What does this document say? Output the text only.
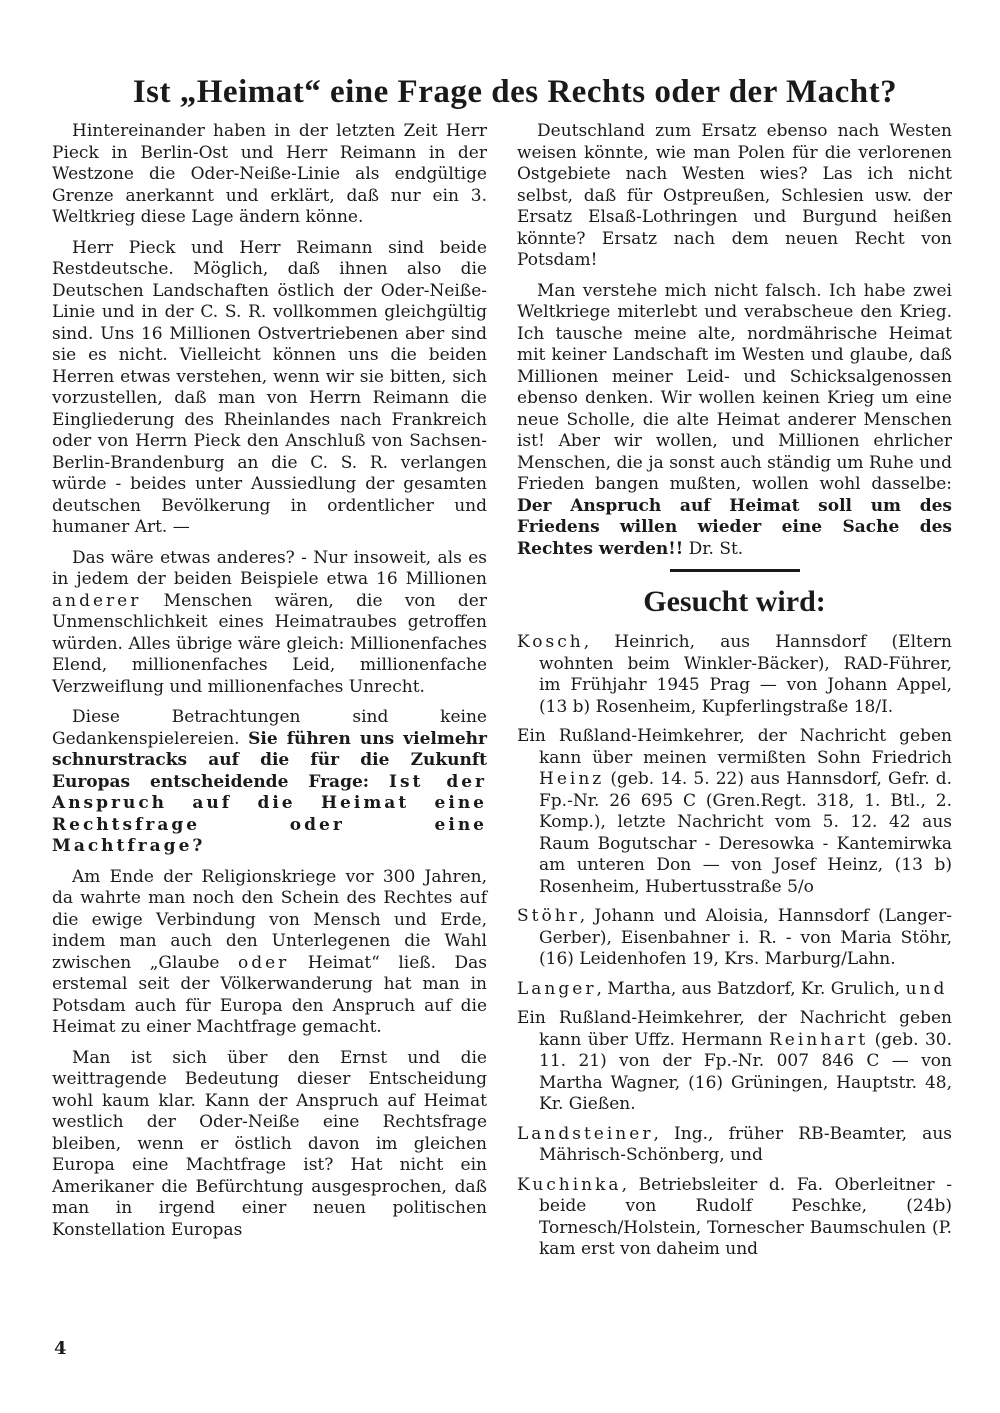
Ist „Heimat“ eine Frage des Rechts oder der Macht?

Hintereinander haben in der letzten Zeit Herr Pieck in Berlin-Ost und Herr Reimann in der Westzone die Oder-Neiße-Linie als endgültige Grenze anerkannt und erklärt, daß nur ein 3. Weltkrieg diese Lage ändern könne.

Herr Pieck und Herr Reimann sind beide Restdeutsche. Möglich, daß ihnen also die Deutschen Landschaften östlich der Oder-Neiße-Linie und in der C. S. R. vollkommen gleichgültig sind. Uns 16 Millionen Ostvertriebenen aber sind sie es nicht. Vielleicht können uns die beiden Herren etwas verstehen, wenn wir sie bitten, sich vorzustellen, daß man von Herrn Reimann die Eingliederung des Rheinlandes nach Frankreich oder von Herrn Pieck den Anschluß von Sachsen-Berlin-Brandenburg an die C. S. R. verlangen würde - beides unter Aussiedlung der gesamten deutschen Bevölkerung in ordentlicher und humaner Art. —

Das wäre etwas anderes? - Nur insoweit, als es in jedem der beiden Beispiele etwa 16 Millionen anderer Menschen wären, die von der Unmenschlichkeit eines Heimatraubes getroffen würden. Alles übrige wäre gleich: Millionenfaches Elend, millionenfaches Leid, millionenfache Verzweiflung und millionenfaches Unrecht.

Diese Betrachtungen sind keine Gedankenspielereien. Sie führen uns vielmehr schnurstracks auf die für die Zukunft Europas entscheidende Frage: Ist der Anspruch auf die Heimat eine Rechtsfrage oder eine Machtfrage?

Am Ende der Religionskriege vor 300 Jahren, da wahrte man noch den Schein des Rechtes auf die ewige Verbindung von Mensch und Erde, indem man auch den Unterlegenen die Wahl zwischen „Glaube oder Heimat“ ließ. Das erstemal seit der Völkerwanderung hat man in Potsdam auch für Europa den Anspruch auf die Heimat zu einer Machtfrage gemacht.

Man ist sich über den Ernst und die weittragende Bedeutung dieser Entscheidung wohl kaum klar. Kann der Anspruch auf Heimat westlich der Oder-Neiße eine Rechtsfrage bleiben, wenn er östlich davon im gleichen Europa eine Machtfrage ist? Hat nicht ein Amerikaner die Befürchtung ausgesprochen, daß man in irgend einer neuen politischen Konstellation Europas

Deutschland zum Ersatz ebenso nach Westen weisen könnte, wie man Polen für die verlorenen Ostgebiete nach Westen wies? Las ich nicht selbst, daß für Ostpreußen, Schlesien usw. der Ersatz Elsaß-Lothringen und Burgund heißen könnte? Ersatz nach dem neuen Recht von Potsdam!

Man verstehe mich nicht falsch. Ich habe zwei Weltkriege miterlebt und verabscheue den Krieg. Ich tausche meine alte, nordmährische Heimat mit keiner Landschaft im Westen und glaube, daß Millionen meiner Leid- und Schicksalgenossen ebenso denken. Wir wollen keinen Krieg um eine neue Scholle, die alte Heimat anderer Menschen ist! Aber wir wollen, und Millionen ehrlicher Menschen, die ja sonst auch ständig um Ruhe und Frieden bangen mußten, wollen wohl dasselbe: Der Anspruch auf Heimat soll um des Friedens willen wieder eine Sache des Rechtes werden!! Dr. St.

Gesucht wird:

Kosch, Heinrich, aus Hannsdorf (Eltern wohnten beim Winkler-Bäcker), RAD-Führer, im Frühjahr 1945 Prag — von Johann Appel, (13 b) Rosenheim, Kupferlingstraße 18/I.

Ein Rußland-Heimkehrer, der Nachricht geben kann über meinen vermißten Sohn Friedrich Heinz (geb. 14. 5. 22) aus Hannsdorf, Gefr. d. Fp.-Nr. 26 695 C (Gren.Regt. 318, 1. Btl., 2. Komp.), letzte Nachricht vom 5. 12. 42 aus Raum Bogutschar - Deresowka - Kantemirwka am unteren Don — von Josef Heinz, (13 b) Rosenheim, Hubertusstraße 5/o

Stöhr, Johann und Aloisia, Hannsdorf (Langer-Gerber), Eisenbahner i. R. - von Maria Stöhr, (16) Leidenhofen 19, Krs. Marburg/Lahn.

Langer, Martha, aus Batzdorf, Kr. Grulich, und

Ein Rußland-Heimkehrer, der Nachricht geben kann über Uffz. Hermann Reinhart (geb. 30. 11. 21) von der Fp.-Nr. 007 846 C — von Martha Wagner, (16) Grüningen, Hauptstr. 48, Kr. Gießen.

Landsteiner, Ing., früher RB-Beamter, aus Mährisch-Schönberg, und

Kuchinka, Betriebsleiter d. Fa. Oberleitner - beide von Rudolf Peschke, (24b) Tornesch/Holstein, Tornescher Baumschulen (P. kam erst von daheim und

4
